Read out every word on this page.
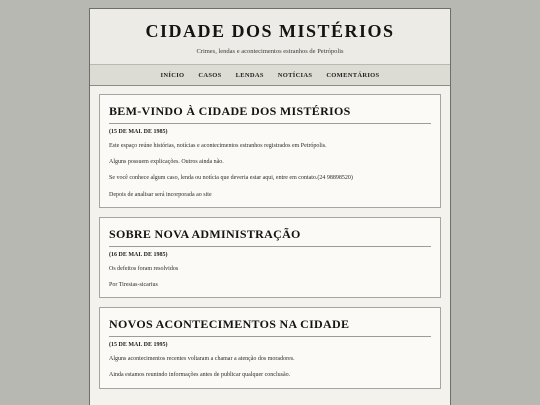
CIDADE DOS MISTÉRIOS
Crimes, lendas e acontecimentos estranhos de Petrópolis
INÍCIO CASOS LENDAS NOTÍCIAS COMENTÁRIOS
BEM-VINDO À CIDADE DOS MISTÉRIOS
(15 DE MAI. DE 1985)
Este espaço reúne histórias, notícias e acontecimentos estranhos registrados em Petrópolis.
Alguns possuem explicações. Outros ainda não.
Se você conhece algum caso, lenda ou notícia que deveria estar aqui, entre em contato.(24 98898520)
Depois de analisar será incorporada ao site
SOBRE NOVA ADMINISTRAÇÃO
(16 DE MAI. DE 1985)
Os defeitos foram resolvidos
Por Tiresias-sicarius
NOVOS ACONTECIMENTOS NA CIDADE
(15 DE MAI. DE 1995)
Alguns acontecimentos recentes voltaram a chamar a atenção dos moradores.
Ainda estamos reunindo informações antes de publicar qualquer conclusão.
